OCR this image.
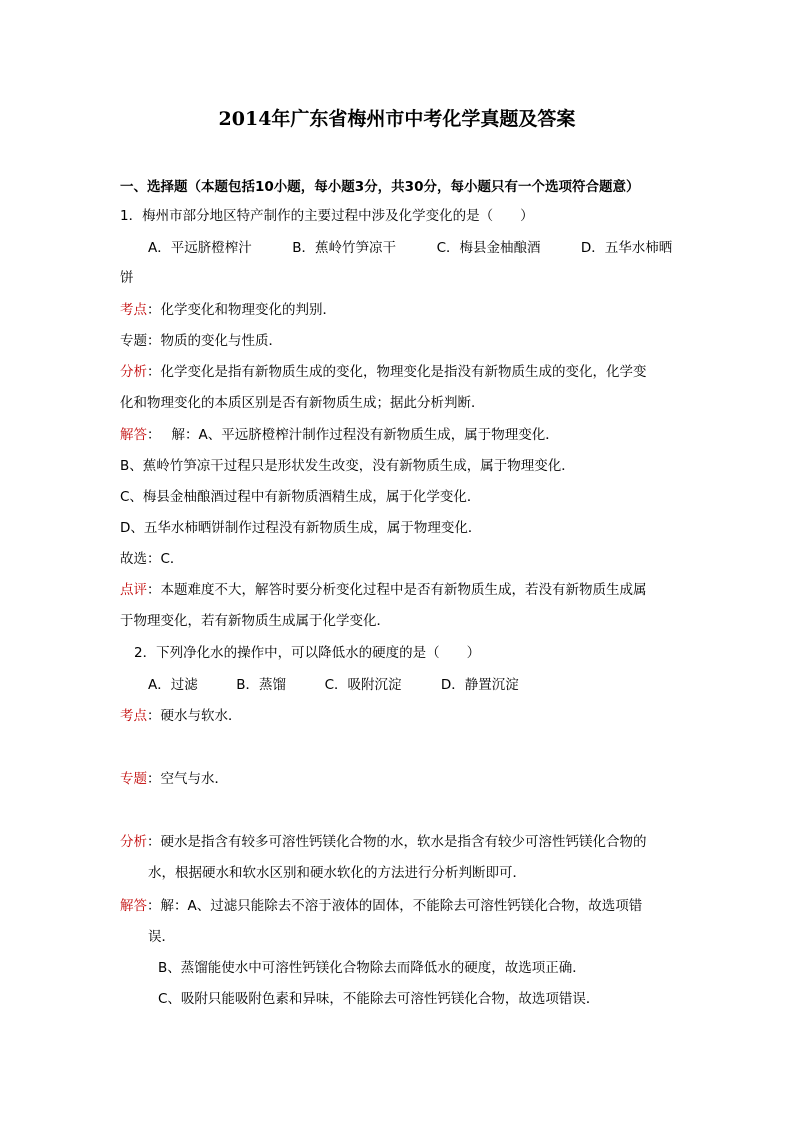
2014年广东省梅州市中考化学真题及答案
一、选择题（本题包括10小题，每小题3分，共30分，每小题只有一个选项符合题意）
1．梅州市部分地区特产制作的主要过程中涉及化学变化的是（　　）
A．平远脐橙榨汁	B．蕉岭竹笋凉干	C．梅县金柚酿酒	D．五华水柿晒
饼
考点：化学变化和物理变化的判别．
专题：物质的变化与性质．
分析：化学变化是指有新物质生成的变化，物理变化是指没有新物质生成的变化，化学变
化和物理变化的本质区别是否有新物质生成；据此分析判断．
解答：　 解：A、平远脐橙榨汁制作过程没有新物质生成，属于物理变化．
B、蕉岭竹笋凉干过程只是形状发生改变，没有新物质生成，属于物理变化．
C、梅县金柚酿酒过程中有新物质酒精生成，属于化学变化．
D、五华水柿晒饼制作过程没有新物质生成，属于物理变化．
故选：C．
点评：本题难度不大，解答时要分析变化过程中是否有新物质生成，若没有新物质生成属
于物理变化，若有新物质生成属于化学变化．
2．下列净化水的操作中，可以降低水的硬度的是（　　）
A．过滤	B．蒸馏	C．吸附沉淀	D．静置沉淀
考点：硬水与软水．
专题：空气与水．
分析：硬水是指含有较多可溶性钙镁化合物的水，软水是指含有较少可溶性钙镁化合物的
水，根据硬水和软水区别和硬水软化的方法进行分析判断即可．
解答：解：A、过滤只能除去不溶于液体的固体，不能除去可溶性钙镁化合物，故选项错
误．
B、蒸馏能使水中可溶性钙镁化合物除去而降低水的硬度，故选项正确．
C、吸附只能吸附色素和异味，不能除去可溶性钙镁化合物，故选项错误．
